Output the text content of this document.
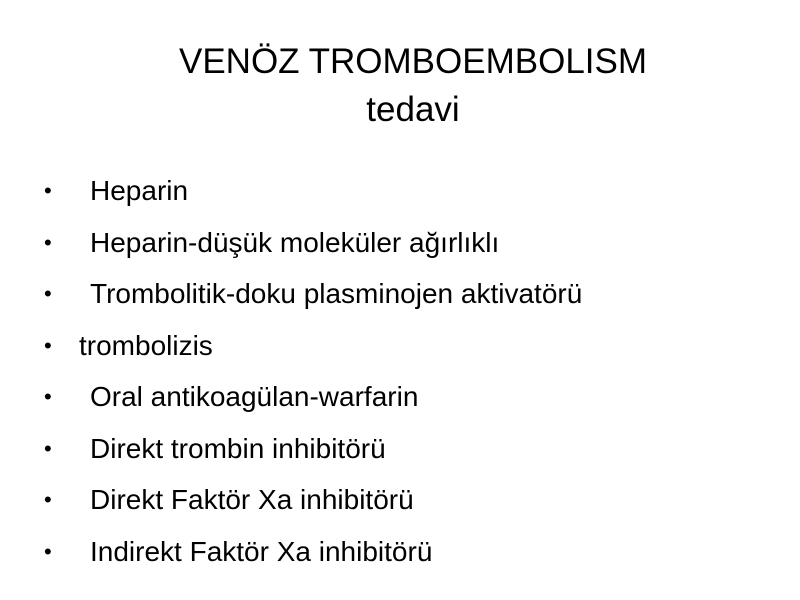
VENÖZ TROMBOEMBOLISM
tedavi
• Heparin
• Heparin-düşük moleküler ağırlıklı
• Trombolitik-doku plasminojen aktivatörü
• trombolizis
• Oral antikoagülan-warfarin
• Direkt trombin inhibitörü
• Direkt Faktör Xa inhibitörü
• Indirekt Faktör Xa inhibitörü
